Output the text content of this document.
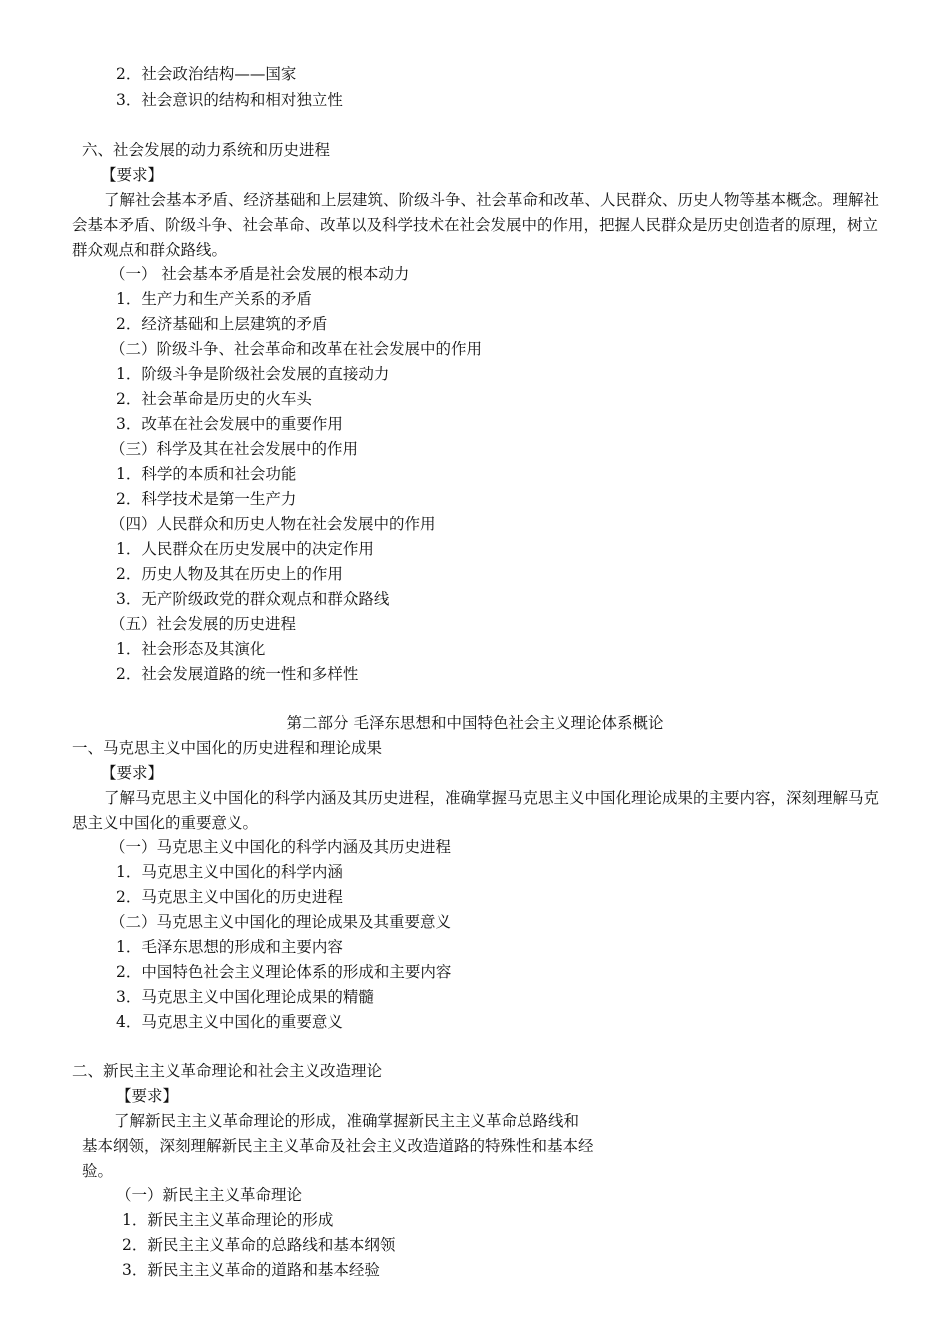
2．社会政治结构——国家
3．社会意识的结构和相对独立性
六、社会发展的动力系统和历史进程
【要求】
了解社会基本矛盾、经济基础和上层建筑、阶级斗争、社会革命和改革、人民群众、历史人物等基本概念。理解社会基本矛盾、阶级斗争、社会革命、改革以及科学技术在社会发展中的作用，把握人民群众是历史创造者的原理，树立群众观点和群众路线。
（一） 社会基本矛盾是社会发展的根本动力
1．生产力和生产关系的矛盾
2．经济基础和上层建筑的矛盾
（二）阶级斗争、社会革命和改革在社会发展中的作用
1．阶级斗争是阶级社会发展的直接动力
2．社会革命是历史的火车头
3．改革在社会发展中的重要作用
（三）科学及其在社会发展中的作用
1．科学的本质和社会功能
2．科学技术是第一生产力
（四）人民群众和历史人物在社会发展中的作用
1．人民群众在历史发展中的决定作用
2．历史人物及其在历史上的作用
3．无产阶级政党的群众观点和群众路线
（五）社会发展的历史进程
1．社会形态及其演化
2．社会发展道路的统一性和多样性
第二部分 毛泽东思想和中国特色社会主义理论体系概论
一、马克思主义中国化的历史进程和理论成果
【要求】
了解马克思主义中国化的科学内涵及其历史进程，准确掌握马克思主义中国化理论成果的主要内容，深刻理解马克思主义中国化的重要意义。
（一）马克思主义中国化的科学内涵及其历史进程
1．马克思主义中国化的科学内涵
2．马克思主义中国化的历史进程
（二）马克思主义中国化的理论成果及其重要意义
1．毛泽东思想的形成和主要内容
2．中国特色社会主义理论体系的形成和主要内容
3．马克思主义中国化理论成果的精髓
4．马克思主义中国化的重要意义
二、新民主主义革命理论和社会主义改造理论
【要求】
了解新民主主义革命理论的形成，准确掌握新民主主义革命总路线和基本纲领，深刻理解新民主主义革命及社会主义改造道路的特殊性和基本经验。
（一）新民主主义革命理论
1．新民主主义革命理论的形成
2．新民主主义革命的总路线和基本纲领
3．新民主主义革命的道路和基本经验
